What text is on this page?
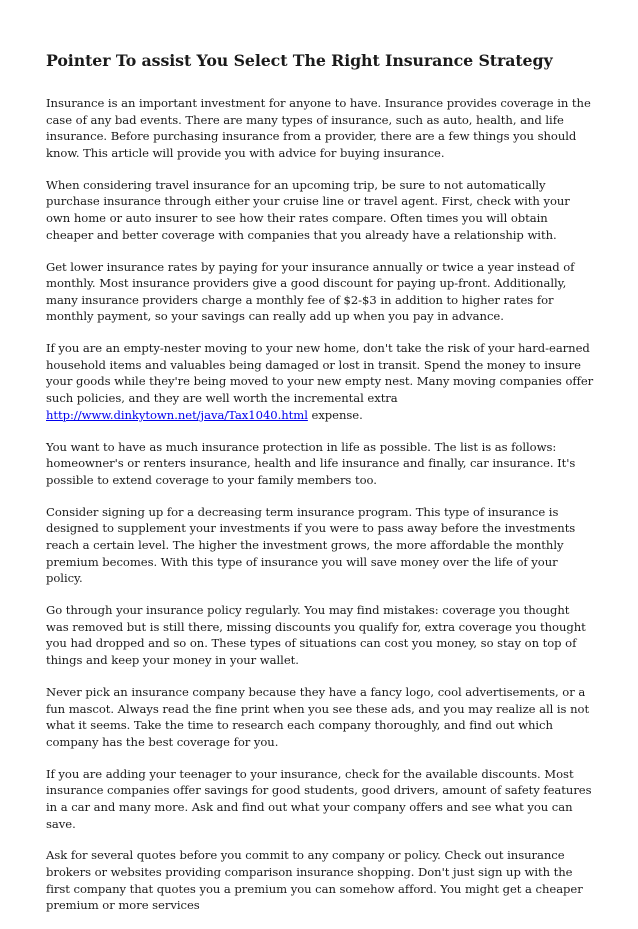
Pointer To assist You Select The Right Insurance Strategy

Insurance is an important investment for anyone to have. Insurance provides coverage in the case of any bad events. There are many types of insurance, such as auto, health, and life insurance. Before purchasing insurance from a provider, there are a few things you should know. This article will provide you with advice for buying insurance.

When considering travel insurance for an upcoming trip, be sure to not automatically purchase insurance through either your cruise line or travel agent. First, check with your own home or auto insurer to see how their rates compare. Often times you will obtain cheaper and better coverage with companies that you already have a relationship with.

Get lower insurance rates by paying for your insurance annually or twice a year instead of monthly. Most insurance providers give a good discount for paying up-front. Additionally, many insurance providers charge a monthly fee of $2-$3 in addition to higher rates for monthly payment, so your savings can really add up when you pay in advance.

If you are an empty-nester moving to your new home, don't take the risk of your hard-earned household items and valuables being damaged or lost in transit. Spend the money to insure your goods while they're being moved to your new empty nest. Many moving companies offer such policies, and they are well worth the incremental extra http://www.dinkytown.net/java/Tax1040.html expense.

You want to have as much insurance protection in life as possible. The list is as follows: homeowner's or renters insurance, health and life insurance and finally, car insurance. It's possible to extend coverage to your family members too.

Consider signing up for a decreasing term insurance program. This type of insurance is designed to supplement your investments if you were to pass away before the investments reach a certain level. The higher the investment grows, the more affordable the monthly premium becomes. With this type of insurance you will save money over the life of your policy.

Go through your insurance policy regularly. You may find mistakes: coverage you thought was removed but is still there, missing discounts you qualify for, extra coverage you thought you had dropped and so on. These types of situations can cost you money, so stay on top of things and keep your money in your wallet.

Never pick an insurance company because they have a fancy logo, cool advertisements, or a fun mascot. Always read the fine print when you see these ads, and you may realize all is not what it seems. Take the time to research each company thoroughly, and find out which company has the best coverage for you.

If you are adding your teenager to your insurance, check for the available discounts. Most insurance companies offer savings for good students, good drivers, amount of safety features in a car and many more. Ask and find out what your company offers and see what you can save.

Ask for several quotes before you commit to any company or policy. Check out insurance brokers or websites providing comparison insurance shopping. Don't just sign up with the first company that quotes you a premium you can somehow afford. You might get a cheaper premium or more services
